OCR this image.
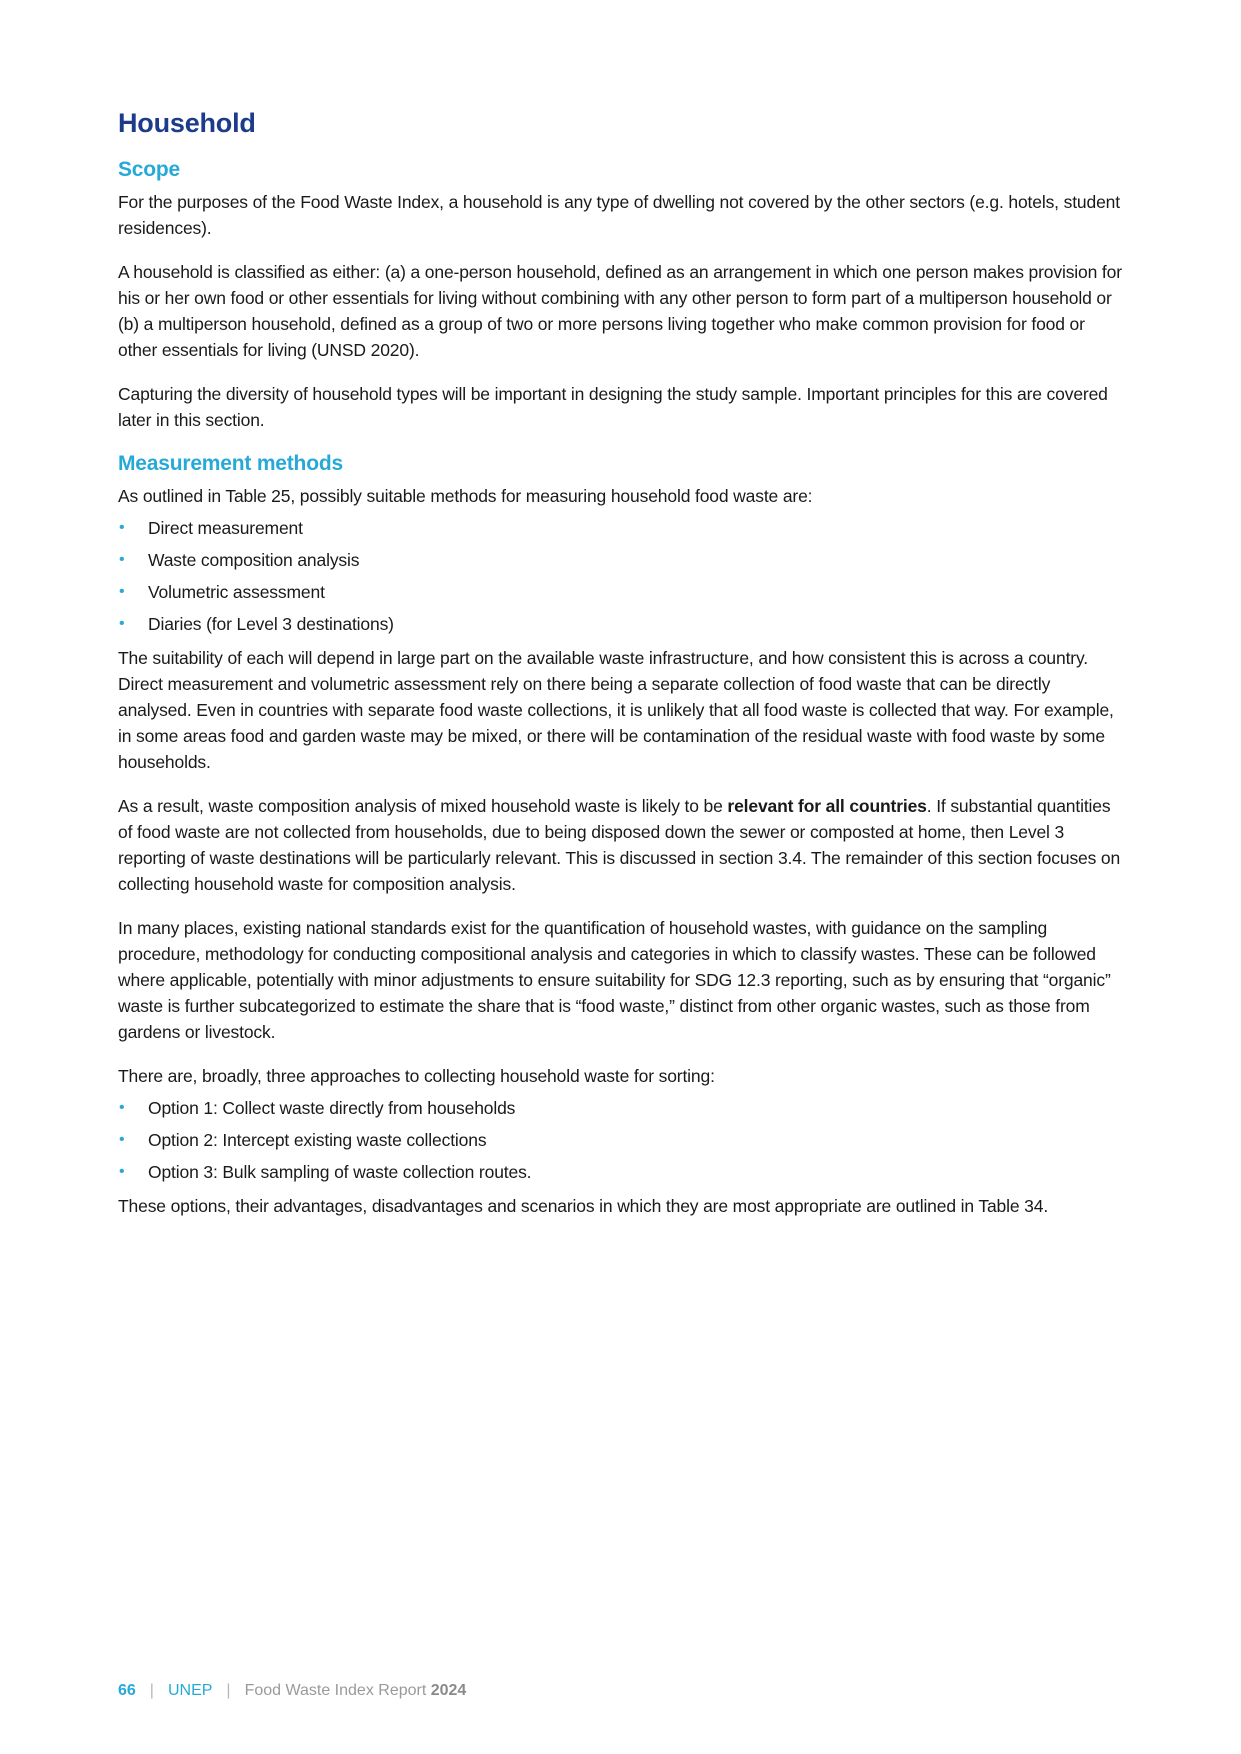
Household
Scope

For the purposes of the Food Waste Index, a household is any type of dwelling not covered by the other sectors (e.g. hotels, student residences).

A household is classified as either: (a) a one-person household, defined as an arrangement in which one person makes provision for his or her own food or other essentials for living without combining with any other person to form part of a multiperson household or (b) a multiperson household, defined as a group of two or more persons living together who make common provision for food or other essentials for living (UNSD 2020).

Capturing the diversity of household types will be important in designing the study sample. Important principles for this are covered later in this section.

Measurement methods

As outlined in Table 25, possibly suitable methods for measuring household food waste are:

• Direct measurement
• Waste composition analysis
• Volumetric assessment
• Diaries (for Level 3 destinations)

The suitability of each will depend in large part on the available waste infrastructure, and how consistent this is across a country. Direct measurement and volumetric assessment rely on there being a separate collection of food waste that can be directly analysed. Even in countries with separate food waste collections, it is unlikely that all food waste is collected that way. For example, in some areas food and garden waste may be mixed, or there will be contamination of the residual waste with food waste by some households.

As a result, waste composition analysis of mixed household waste is likely to be relevant for all countries. If substantial quantities of food waste are not collected from households, due to being disposed down the sewer or composted at home, then Level 3 reporting of waste destinations will be particularly relevant. This is discussed in section 3.4. The remainder of this section focuses on collecting household waste for composition analysis.

In many places, existing national standards exist for the quantification of household wastes, with guidance on the sampling procedure, methodology for conducting compositional analysis and categories in which to classify wastes. These can be followed where applicable, potentially with minor adjustments to ensure suitability for SDG 12.3 reporting, such as by ensuring that “organic” waste is further subcategorized to estimate the share that is “food waste,” distinct from other organic wastes, such as those from gardens or livestock.

There are, broadly, three approaches to collecting household waste for sorting:

• Option 1: Collect waste directly from households
• Option 2: Intercept existing waste collections
• Option 3: Bulk sampling of waste collection routes.

These options, their advantages, disadvantages and scenarios in which they are most appropriate are outlined in Table 34.

66 | UNEP | Food Waste Index Report 2024
